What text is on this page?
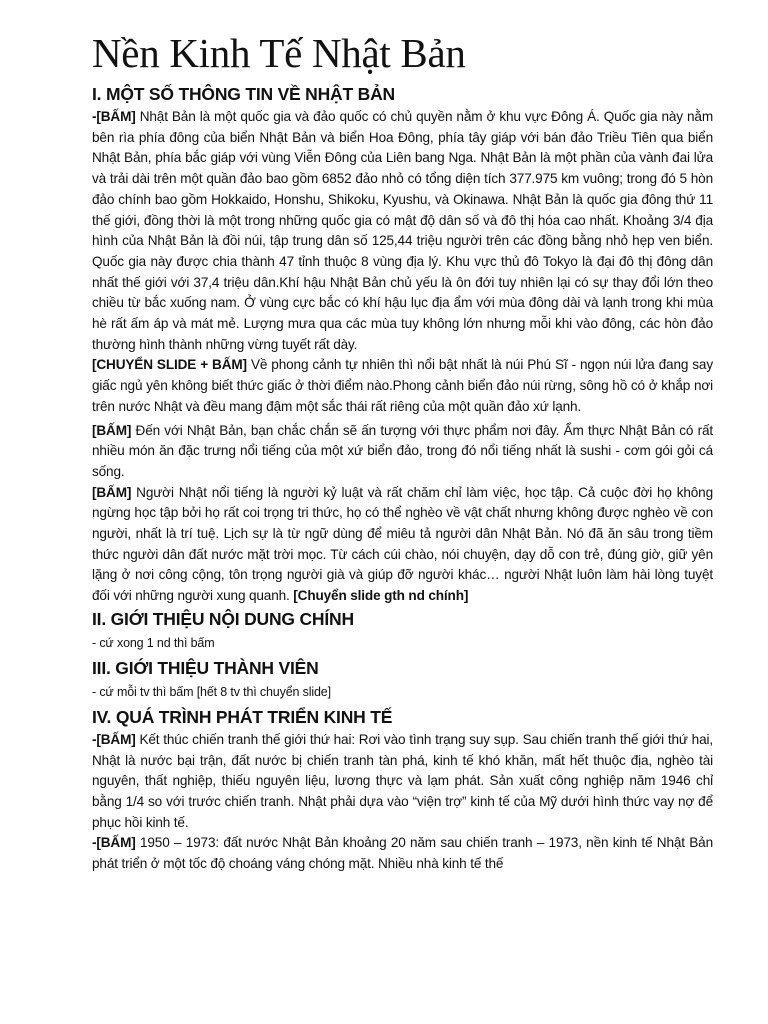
Nền Kinh Tế Nhật Bản
I. MỘT SỐ THÔNG TIN VỀ NHẬT BẢN

-[BẤM] Nhật Bản là một quốc gia và đảo quốc có chủ quyền nằm ở khu vực Đông Á. Quốc gia này nằm bên rìa phía đông của biển Nhật Bản và biển Hoa Đông, phía tây giáp với bán đảo Triều Tiên qua biển Nhật Bản, phía bắc giáp với vùng Viễn Đông của Liên bang Nga. Nhật Bản là một phần của vành đai lửa và trải dài trên một quần đảo bao gồm 6852 đảo nhỏ có tổng diện tích 377.975 km vuông; trong đó 5 hòn đảo chính bao gồm Hokkaido, Honshu, Shikoku, Kyushu, và Okinawa. Nhật Bản là quốc gia đông thứ 11 thế giới, đồng thời là một trong những quốc gia có mật độ dân số và đô thị hóa cao nhất. Khoảng 3/4 địa hình của Nhật Bản là đồi núi, tập trung dân số 125,44 triệu người trên các đồng bằng nhỏ hẹp ven biển. Quốc gia này được chia thành 47 tỉnh thuộc 8 vùng địa lý. Khu vực thủ đô Tokyo là đại đô thị đông dân nhất thế giới với 37,4 triệu dân.Khí hậu Nhật Bản chủ yếu là ôn đới tuy nhiên lại có sự thay đổi lớn theo chiều từ bắc xuống nam. Ở vùng cực bắc có khí hậu lục địa ẩm với mùa đông dài và lạnh trong khi mùa hè rất ấm áp và mát mẻ. Lượng mưa qua các mùa tuy không lớn nhưng mỗi khi vào đông, các hòn đảo thường hình thành những vừng tuyết rất dày.

[CHUYỂN SLIDE + BẤM] Về phong cảnh tự nhiên thì nổi bật nhất là núi Phú Sĩ - ngọn núi lửa đang say giấc ngủ yên không biết thức giấc ở thời điểm nào.Phong cảnh biển đảo núi rừng, sông hồ có ở khắp nơi trên nước Nhật và đều mang đậm một sắc thái rất riêng của một quần đảo xứ lạnh.

[BẤM] Đến với Nhật Bản, bạn chắc chắn sẽ ấn tượng với thực phẩm nơi đây. Ẩm thực Nhật Bản có rất nhiều món ăn đặc trưng nổi tiếng của một xứ biển đảo, trong đó nổi tiếng nhất là sushi - cơm gói gỏi cá sống.

[BẤM] Người Nhật nổi tiếng là người kỷ luật và rất chăm chỉ làm việc, học tập. Cả cuộc đời họ không ngừng học tập bởi họ rất coi trọng tri thức, họ có thể nghèo về vật chất nhưng không được nghèo về con người, nhất là trí tuệ. Lịch sự là từ ngữ dùng để miêu tả người dân Nhật Bản. Nó đã ăn sâu trong tiềm thức người dân đất nước mặt trời mọc. Từ cách cúi chào, nói chuyện, dạy dỗ con trẻ, đúng giờ, giữ yên lặng ở nơi công cộng, tôn trọng người già và giúp đỡ người khác… người Nhật luôn làm hài lòng tuyệt đối với những người xung quanh. [Chuyển slide gth nd chính]

II. GIỚI THIỆU NỘI DUNG CHÍNH

- cứ xong 1 nd thì bấm

III. GIỚI THIỆU THÀNH VIÊN

- cứ mỗi tv thì bấm [hết 8 tv thì chuyển slide]

IV. QUÁ TRÌNH PHÁT TRIỂN KINH TẾ

-[BẤM] Kết thúc chiến tranh thế giới thứ hai: Rơi vào tình trạng suy sụp. Sau chiến tranh thế giới thứ hai, Nhật là nước bại trận, đất nước bị chiến tranh tàn phá, kinh tế khó khăn, mất hết thuộc địa, nghèo tài nguyên, thất nghiệp, thiếu nguyên liệu, lương thực và lạm phát. Sản xuất công nghiệp năm 1946 chỉ bằng 1/4 so với trước chiến tranh. Nhật phải dựa vào “viện trợ” kinh tế của Mỹ dưới hình thức vay nợ để phục hồi kinh tế.

-[BẤM] 1950 – 1973: đất nước Nhật Bản khoảng 20 năm sau chiến tranh – 1973, nền kinh tế Nhật Bản phát triển ở một tốc độ choáng váng chóng mặt. Nhiều nhà kinh tế thế
